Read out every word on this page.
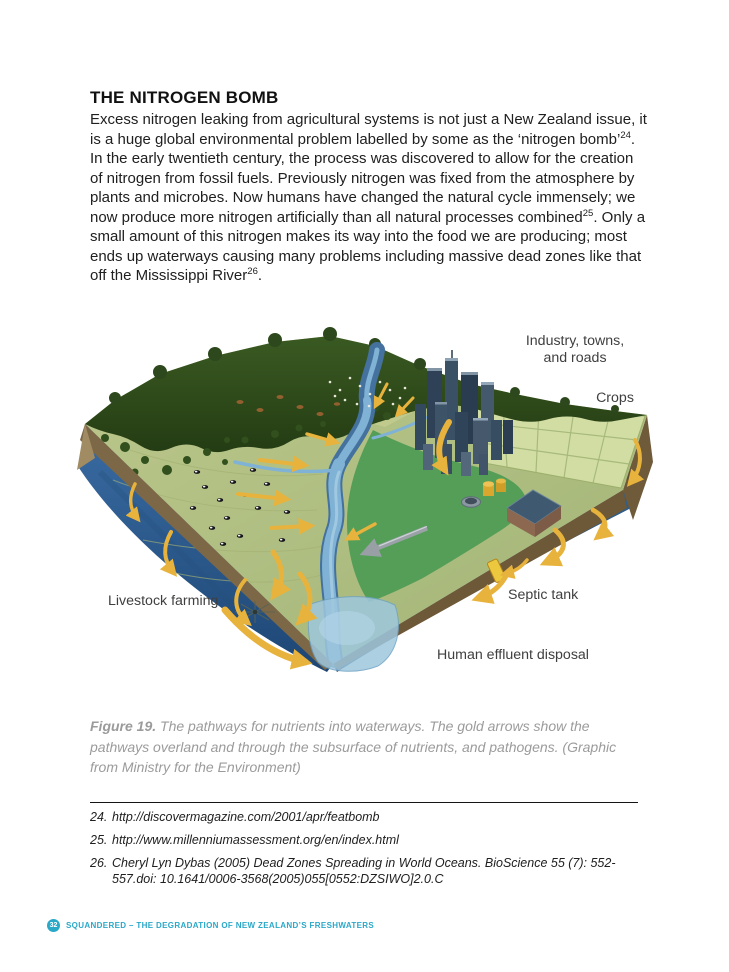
THE NITROGEN BOMB
Excess nitrogen leaking from agricultural systems is not just a New Zealand issue, it is a huge global environmental problem labelled by some as the ‘nitrogen bomb’$^{24}$. In the early twentieth century, the process was discovered to allow for the creation of nitrogen from fossil fuels. Previously nitrogen was fixed from the atmosphere by plants and microbes. Now humans have changed the natural cycle immensely; we now produce more nitrogen artificially than all natural processes combined$^{25}$. Only a small amount of this nitrogen makes its way into the food we are producing; most ends up waterways causing many problems including massive dead zones like that off the Mississippi River$^{26}$.
Industry, towns,
and roads
Crops
Livestock farming	Septic tank
Human effluent disposal
Figure 19. The pathways for nutrients into waterways. The gold arrows show the pathways overland and through the subsurface of nutrients, and pathogens. (Graphic from Ministry for the Environment)
24. http://discovermagazine.com/2001/apr/featbomb
25. http://www.millenniumassessment.org/en/index.html
26. Cheryl Lyn Dybas (2005) Dead Zones Spreading in World Oceans. BioScience 55 (7): 552-557.doi: 10.1641/0006-3568(2005)055[0552:DZSIWO]2.0.C
32	SQUANDERED – THE DEGRADATION OF NEW ZEALAND’S FRESHWATERS
